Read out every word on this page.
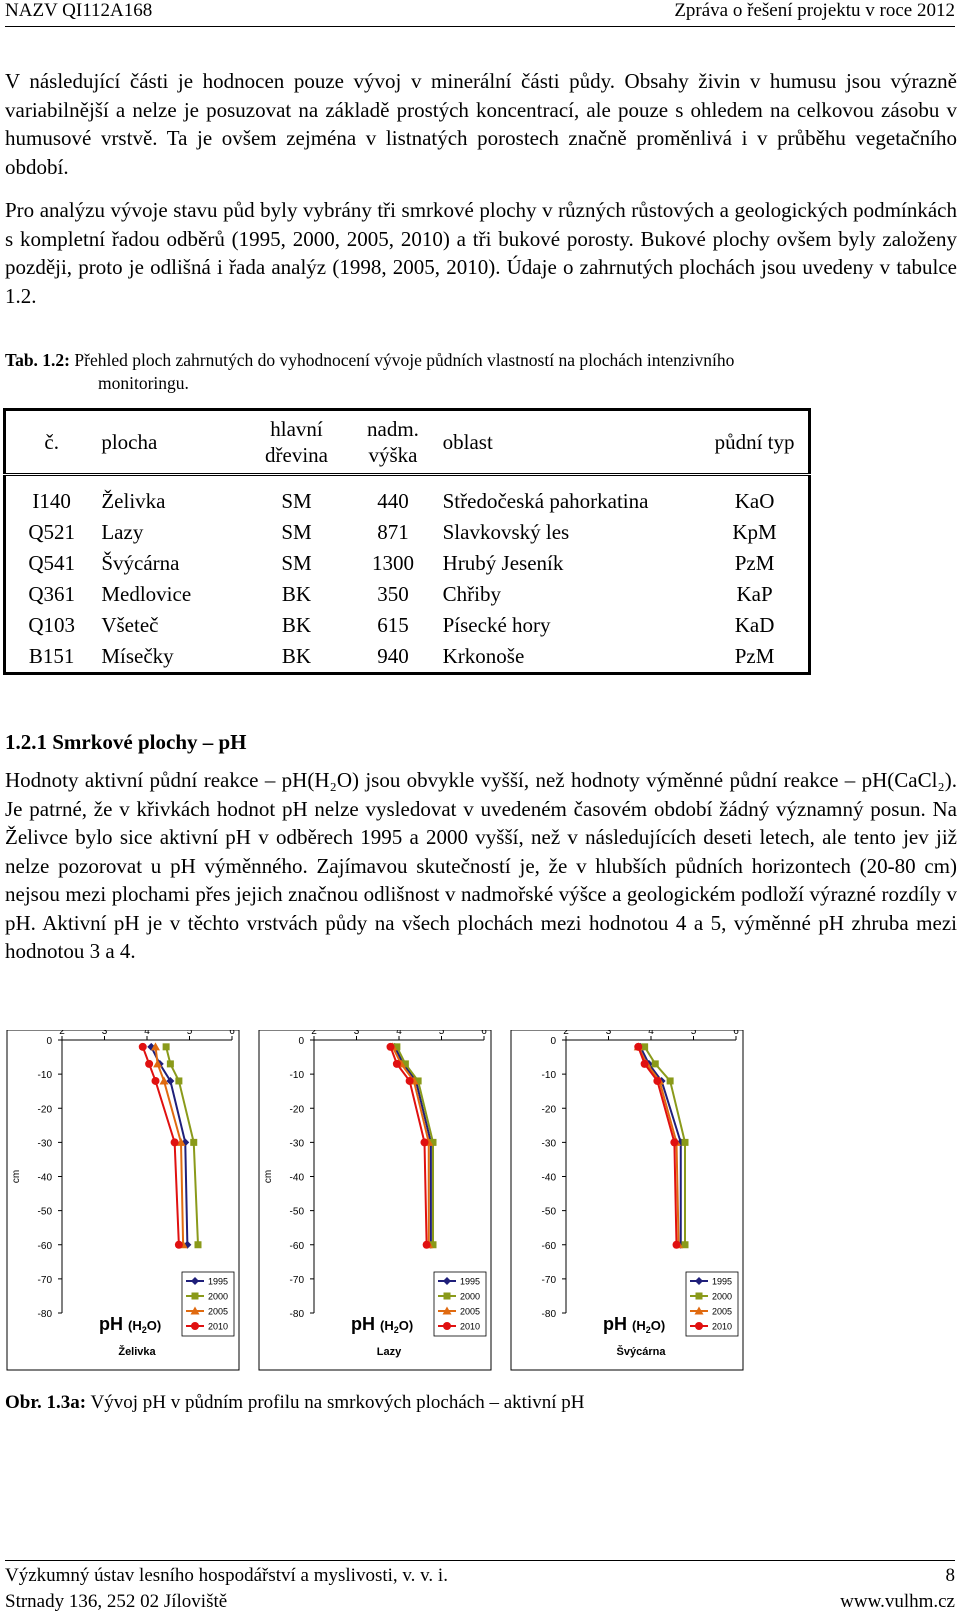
NAZV QI112A168	Zpráva o řešení projektu v roce 2012

V následující části je hodnocen pouze vývoj v minerální části půdy. Obsahy živin v humusu jsou výrazně variabilnější a nelze je posuzovat na základě prostých koncentrací, ale pouze s ohledem na celkovou zásobu v humusové vrstvě. Ta je ovšem zejména v listnatých porostech značně proměnlivá i v průběhu vegetačního období.

Pro analýzu vývoje stavu půd byly vybrány tři smrkové plochy v různých růstových a geologických podmínkách s kompletní řadou odběrů (1995, 2000, 2005, 2010) a tři bukové porosty. Bukové plochy ovšem byly založeny později, proto je odlišná i řada analýz (1998, 2005, 2010). Údaje o zahrnutých plochách jsou uvedeny v tabulce 1.2.

Tab. 1.2: Přehled ploch zahrnutých do vyhodnocení vývoje půdních vlastností na plochách intenzivního
monitoringu.
č.	plocha	hlavní dřevina	nadm. výška	oblast	půdní typ
I140	Želivka	SM	440	Středočeská pahorkatina	KaO
Q521	Lazy	SM	871	Slavkovský les	KpM
Q541	Švýcárna	SM	1300	Hrubý Jeseník	PzM
Q361	Medlovice	BK	350	Chřiby	KaP
Q103	Všeteč	BK	615	Písecké hory	KaD
B151	Mísečky	BK	940	Krkonoše	PzM
1.2.1 Smrkové plochy – pH

Hodnoty aktivní půdní reakce – pH(H₂O) jsou obvykle vyšší, než hodnoty výměnné půdní reakce – pH(CaCl₂). Je patrné, že v křivkách hodnot pH nelze vysledovat v uvedeném časovém období žádný významný posun. Na Želivce bylo sice aktivní pH v odběrech 1995 a 2000 vyšší, než v následujících deseti letech, ale tento jev již nelze pozorovat u pH výměnného. Zajímavou skutečností je, že v hlubších půdních horizontech (20-80 cm) nejsou mezi plochami přes jejich značnou odlišnost v nadmořské výšce a geologickém podloží výrazné rozdíly v pH. Aktivní pH je v těchto vrstvách půdy na všech plochách mezi hodnotou 4 a 5, výměnné pH zhruba mezi hodnotou 3 a 4.

2	3	4	5	6
0
-10
-20
-30
-40
-50
-60
-70
-80
cm
pH (H2O)
Želivka
1995
2000
2005
2010
2	3	4	5	6
0
-10
-20
-30
-40
-50
-60
-70
-80
cm
pH (H2O)
Lazy
1995
2000
2005
2010
2	3	4	5	6
0
-10
-20
-30
-40
-50
-60
-70
-80	pH (H2O)
Švýcárna
1995
2000
2005
2010
Obr. 1.3a: Vývoj pH v půdním profilu na smrkových plochách – aktivní pH
Výzkumný ústav lesního hospodářství a myslivosti, v. v. i.
Strnady 136, 252 02 Jíloviště
8
www.vulhm.cz
